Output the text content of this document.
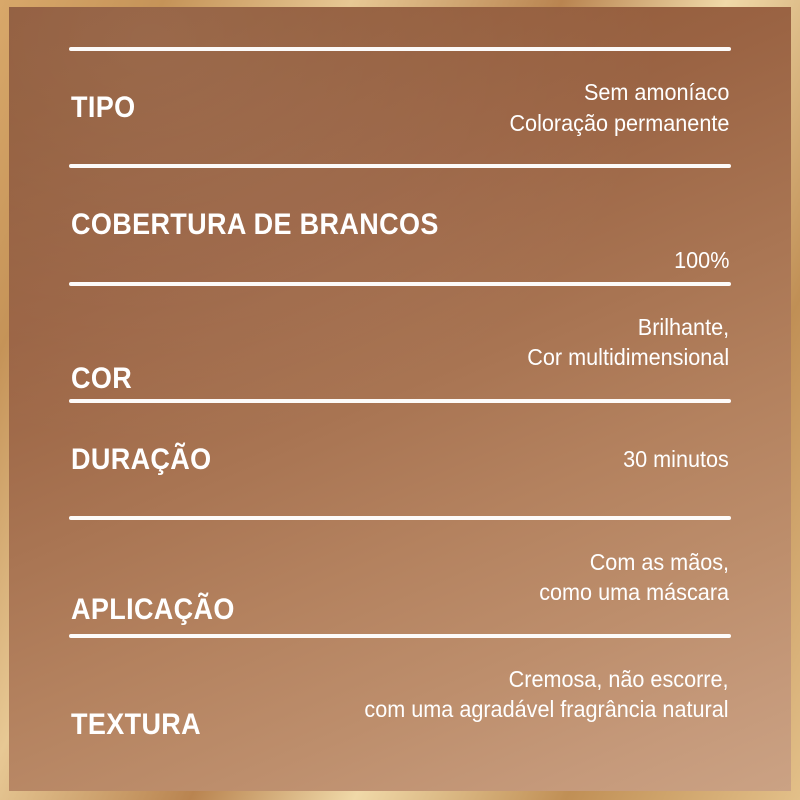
TIPO	Sem amoníaco
Coloração permanente
COBERTURA DE BRANCOS
100%
COR
Brilhante,
Cor multidimensional
DURAÇÃO	30 minutos
APLICAÇÃO
Com as mãos,
como uma máscara
TEXTURA
Cremosa, não escorre,
com uma agradável fragrância natural
